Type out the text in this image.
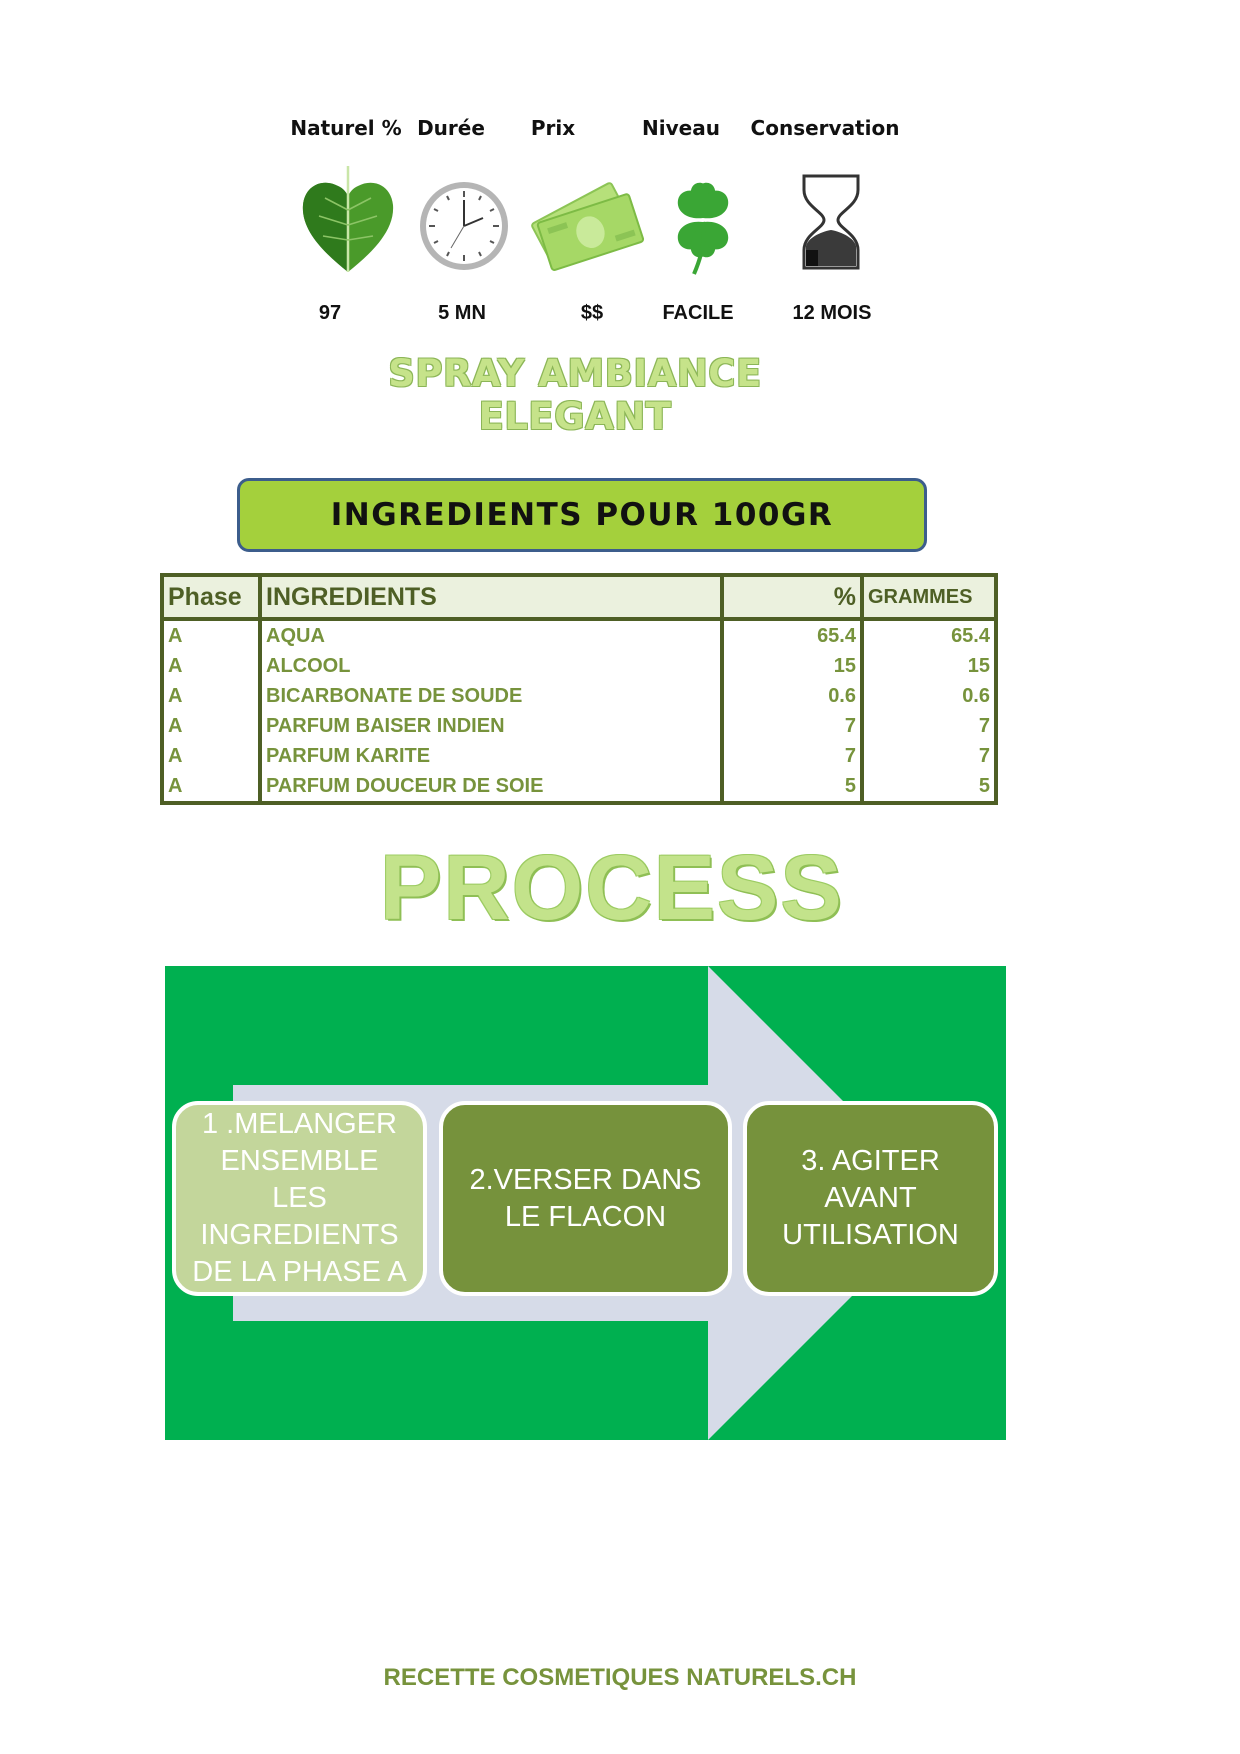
Naturel %
97
Durée
5 MN
Prix
$$
Niveau
FACILE
Conservation
12 MOIS
SPRAY AMBIANCE ELEGANT
INGREDIENTS POUR 100GR
Phase	INGREDIENTS	%	GRAMMES
A	AQUA	65.4	65.4
A	ALCOOL	15	15
A	BICARBONATE DE SOUDE	0.6	0.6
A	PARFUM BAISER INDIEN	7	7
A	PARFUM KARITE	7	7
A	PARFUM DOUCEUR DE SOIE	5	5
PROCESS
1 .MELANGER ENSEMBLE LES INGREDIENTS DE LA PHASE A
2.VERSER DANS LE FLACON
3. AGITER AVANT UTILISATION
RECETTE COSMETIQUES NATURELS.CH
